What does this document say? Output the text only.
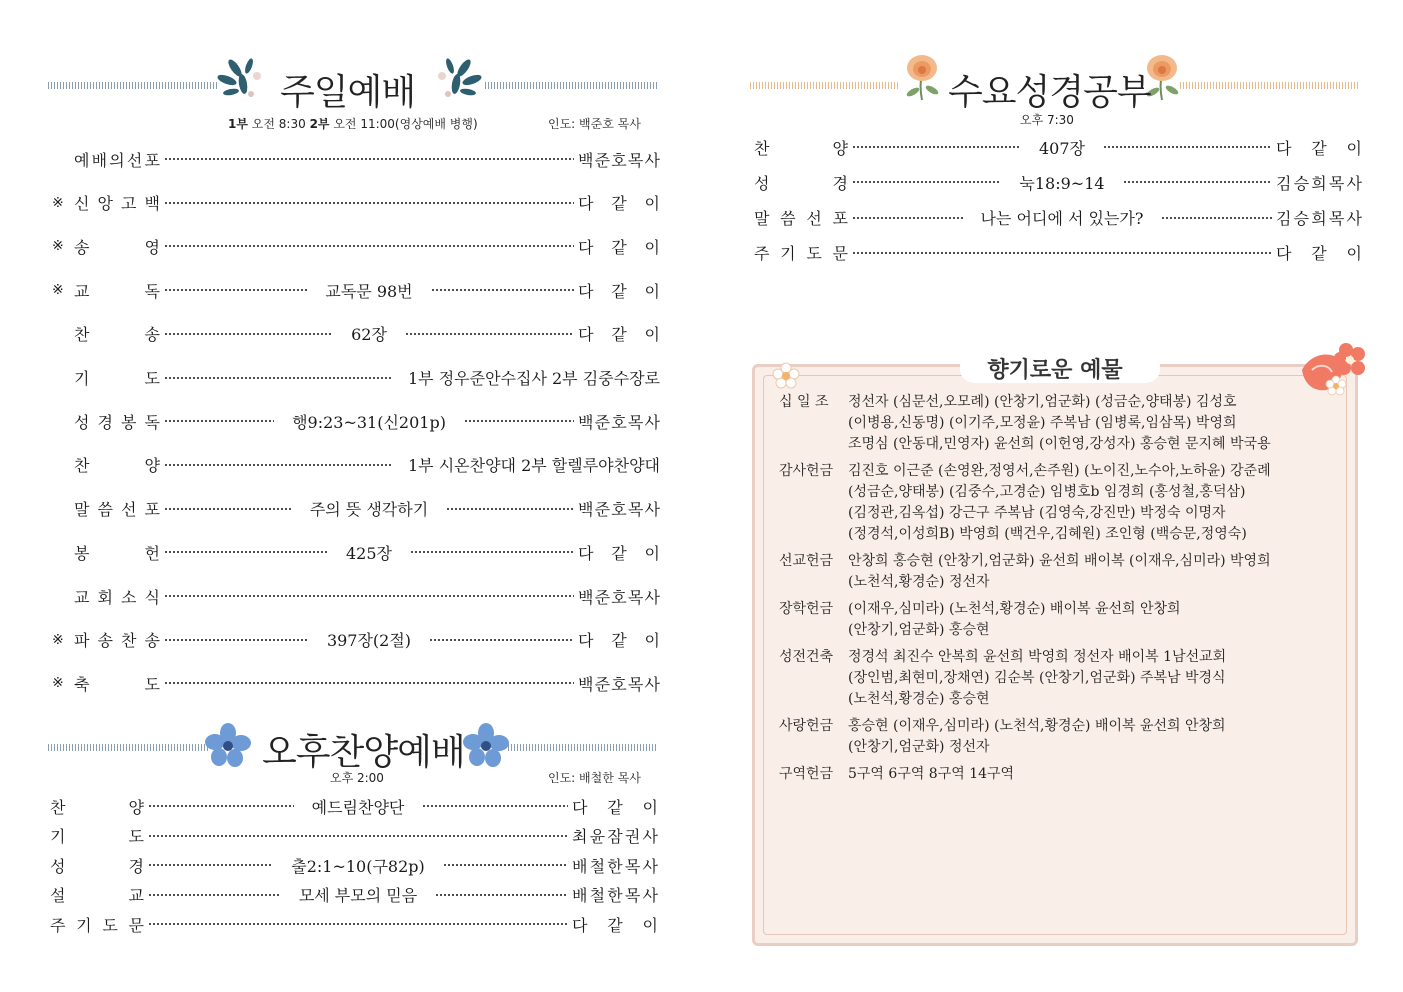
주일예배
1부 오전 8:30 2부 오전 11:00(영상예배 병행)	인도: 백준호 목사
예 배 의 선 포	백 준 호 목 사
※ 신 앙 고 백	다 같 이
※ 송	영	다 같 이
※ 교	독	교독문 98번	다 같 이
찬	송	62장	다 같 이
기	도	1부 정우준안수집사 2부 김중수장로
성 경 봉 독	행9:23~31(신201p)	백 준 호 목 사
찬	양	1부 시온찬양대 2부 할렐루야찬양대
말 씀 선 포	주의 뜻 생각하기	백 준 호 목 사
봉	헌	425장	다 같 이
교 회 소 식	백 준 호 목 사
※ 파 송 찬 송	397장(2절)	다 같 이
※ 축	도	백 준 호 목 사
오후찬양예배
오후 2:00	인도: 배철한 목사
찬	양	예드림찬양단	다 같 이
기	도	최 윤 잠 권 사
성	경	출2:1~10(구82p)	배 철 한 목 사
설	교	모세 부모의 믿음	배 철 한 목 사
주 기 도 문	다 같 이
수요성경공부
오후 7:30
찬	양	407장	다 같 이
성	경	눅18:9~14	김 승 희 목 사
말 씀 선 포	나는 어디에 서 있는가?	김 승 희 목 사
주 기 도 문	다 같 이
향기로운 예물
십 일 조 정선자 (심문선,오모례) (안창기,엄군화) (성금순,양태봉) 김성호
(이병용,신동명) (이기주,모정윤) 주복남 (임병록,임삼목) 박영희
조명심 (안동대,민영자) 윤선희 (이헌영,강성자) 홍승현 문지혜 박국용
감사헌금 김진호 이근준 (손영완,정영서,손주원) (노이진,노수아,노하윤) 강준례
(성금순,양태봉) (김중수,고경순) 임병호b 임경희 (홍성철,홍덕삼)
(김정관,김옥섭) 강근구 주복남 (김영숙,강진만) 박정숙 이명자
(정경석,이성희B) 박영희 (백건우,김혜원) 조인형 (백승문,정영숙)
선교헌금 안창희 홍승현 (안창기,엄군화) 윤선희 배이복 (이재우,심미라) 박영희
(노천석,황경순) 정선자
장학헌금 (이재우,심미라) (노천석,황경순) 배이복 윤선희 안창희
(안창기,엄군화) 홍승현
성전건축 정경석 최진수 안복희 윤선희 박영희 정선자 배이복 1남선교회
(장인범,최현미,장채연) 김순복 (안창기,엄군화) 주복남 박경식
(노천석,황경순) 홍승현
사랑헌금 홍승현 (이재우,심미라) (노천석,황경순) 배이복 윤선희 안창희
(안창기,엄군화) 정선자
구역헌금 5구역 6구역 8구역 14구역
